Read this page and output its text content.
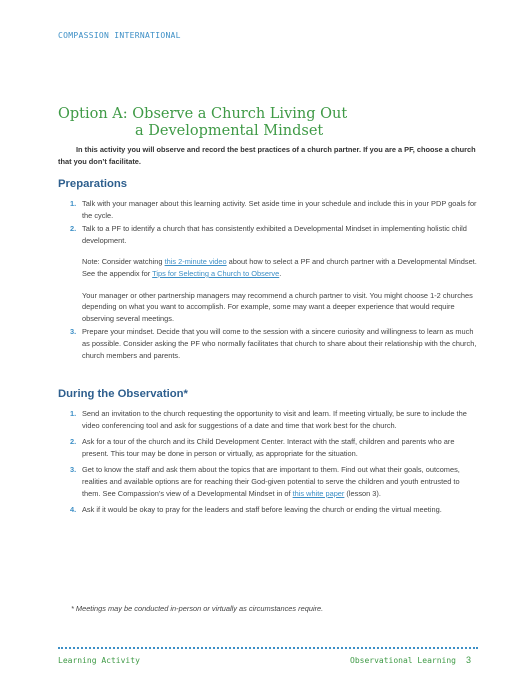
COMPASSION INTERNATIONAL
Option A: Observe a Church Living Out
a Developmental Mindset
In this activity you will observe and record the best practices of a church partner. If you are a PF, choose a church that you don’t facilitate.
Preparations
1. Talk with your manager about this learning activity. Set aside time in your schedule and include this in your PDP goals for the cycle.
2. Talk to a PF to identify a church that has consistently exhibited a Developmental Mindset in implementing holistic child development.
Note: Consider watching this 2-minute video about how to select a PF and church partner with a Developmental Mindset. See the appendix for Tips for Selecting a Church to Observe.
Your manager or other partnership managers may recommend a church partner to visit. You might choose 1-2 churches depending on what you want to accomplish. For example, some may want a deeper experience that would require observing several meetings.
3. Prepare your mindset. Decide that you will come to the session with a sincere curiosity and willingness to learn as much as possible. Consider asking the PF who normally facilitates that church to share about their relationship with the church, church members and parents.
During the Observation*
1. Send an invitation to the church requesting the opportunity to visit and learn. If meeting virtually, be sure to include the video conferencing tool and ask for suggestions of a date and time that work best for the church.
2. Ask for a tour of the church and its Child Development Center. Interact with the staff, children and parents who are present. This tour may be done in person or virtually, as appropriate for the situation.
3. Get to know the staff and ask them about the topics that are important to them. Find out what their goals, outcomes, realities and available options are for reaching their God-given potential to serve the children and youth entrusted to them. See Compassion’s view of a Developmental Mindset in of this white paper (lesson 3).
4. Ask if it would be okay to pray for the leaders and staff before leaving the church or ending the virtual meeting.
* Meetings may be conducted in-person or virtually as circumstances require.
Learning Activity	Observational Learning 3
